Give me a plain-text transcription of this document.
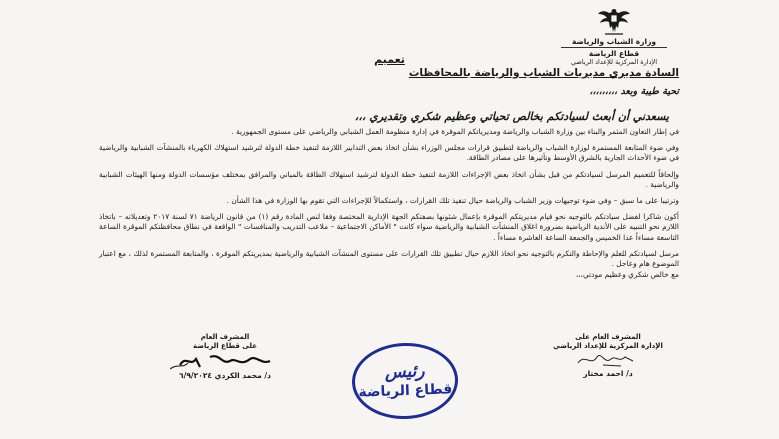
وزارة الشباب والرياضة
قطاع الرياضة
الإدارة المركزية للإعداد الرياضي
تعميم
السادة مديري مديريات الشباب والرياضة بالمحافظات
تحية طيبة وبعد ،،،،،،،،،
يسعدني أن أبعث لسيادتكم بخالص تحياتي وعظيم شكري وتقديري ،،،

في إطار التعاون المثمر والبناء بين وزارة الشباب والرياضة ومديرياتكم الموقرة في إدارة منظومة العمل الشبابي والرياضي على مستوى الجمهورية .

وفي ضوء المتابعة المستمرة لوزارة الشباب والرياضة لتطبيق قرارات مجلس الوزراء بشأن اتخاذ بعض التدابير اللازمة لتنفيذ خطة الدولة لترشيد استهلاك الكهرباء بالمنشآت الشبابية والرياضية في ضوء الأحداث الجارية بالشرق الأوسط وتأثيرها على مصادر الطاقة.

وإلحاقاً للتعميم المرسل لسيادتكم من قبل بشأن اتخاذ بعض الإجراءات اللازمة لتنفيذ خطة الدولة لترشيد استهلاك الطاقة بالمباني والمرافق بمختلف مؤسسات الدولة ومنها الهيئات الشبابية والرياضية .

وترتيبا على ما سبق – وفي ضوء توجيهات وزير الشباب والرياضة حيال تنفيذ تلك القرارات ، واستكمالاً للإجراءات التي تقوم بها الوزارة في هذا الشأن .

أكون شاكرا لفضل سيادتكم بالتوجيه نحو قيام مديريتكم الموقرة بإعمال شئونها بصفتكم الجهة الإدارية المختصة وفقا لنص المادة رقم (١) من قانون الرياضة ٧١ لسنة ٢٠١٧ وتعديلاته – باتخاذ اللازم نحو التنبيه على الأندية الرياضية بضرورة اغلاق المنشآت الشبابية والرياضية سواء كانت " الأماكن الاجتماعية – ملاعب التدريب والمنافسات " الواقعة في نطاق محافظتكم الموقرة الساعة التاسعة مساءاً عدا الخميس والجمعة الساعة العاشرة مساءاً .

مرسل لسيادتكم للعلم والإحاطة والتكرم بالتوجيه نحو اتخاذ اللازم حيال تطبيق تلك القرارات على مستوى المنشآت الشبابية والرياضية بمديريتكم الموقرة ، والمتابعة المستمرة لذلك ، مع اعتبار الموضوع هام وعاجل .

مع خالص شكري وعظيم مودتي،،،

المشرف العام على
الإدارة المركزية للإعداد الرياضي
د/ احمد مختار
رئيس
قطاع الرياضة
المشرف العام
على قطاع الرياضة
د/ محمد الكردي ٦/٩/٢٠٢٤
